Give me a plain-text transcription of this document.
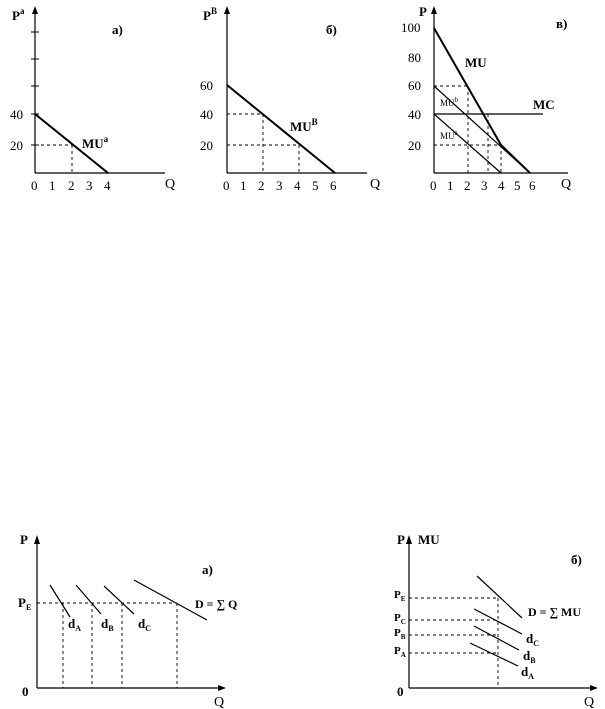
$P^a$
а)
40
20
0 1 2 3 4	Q
$MU^a$
$P^B$
б)
60
40
20
0 1 2 3 4 5 6 Q
$MU^B$
P
в)
100
80
60
40
20
0 1 2 3 4 5 6 Q
MU
MC
$MU^b$
$MU^a$
P
0
Q
а)
$P_E$
$d_A$ $d_B$ $d_C$
D = ∑ Q
P MU
0
Q
б)
$P_E$
$P_C$
$P_B$
$P_A$
D = ∑ MU
$d_C$
$d_B$
$d_A$
